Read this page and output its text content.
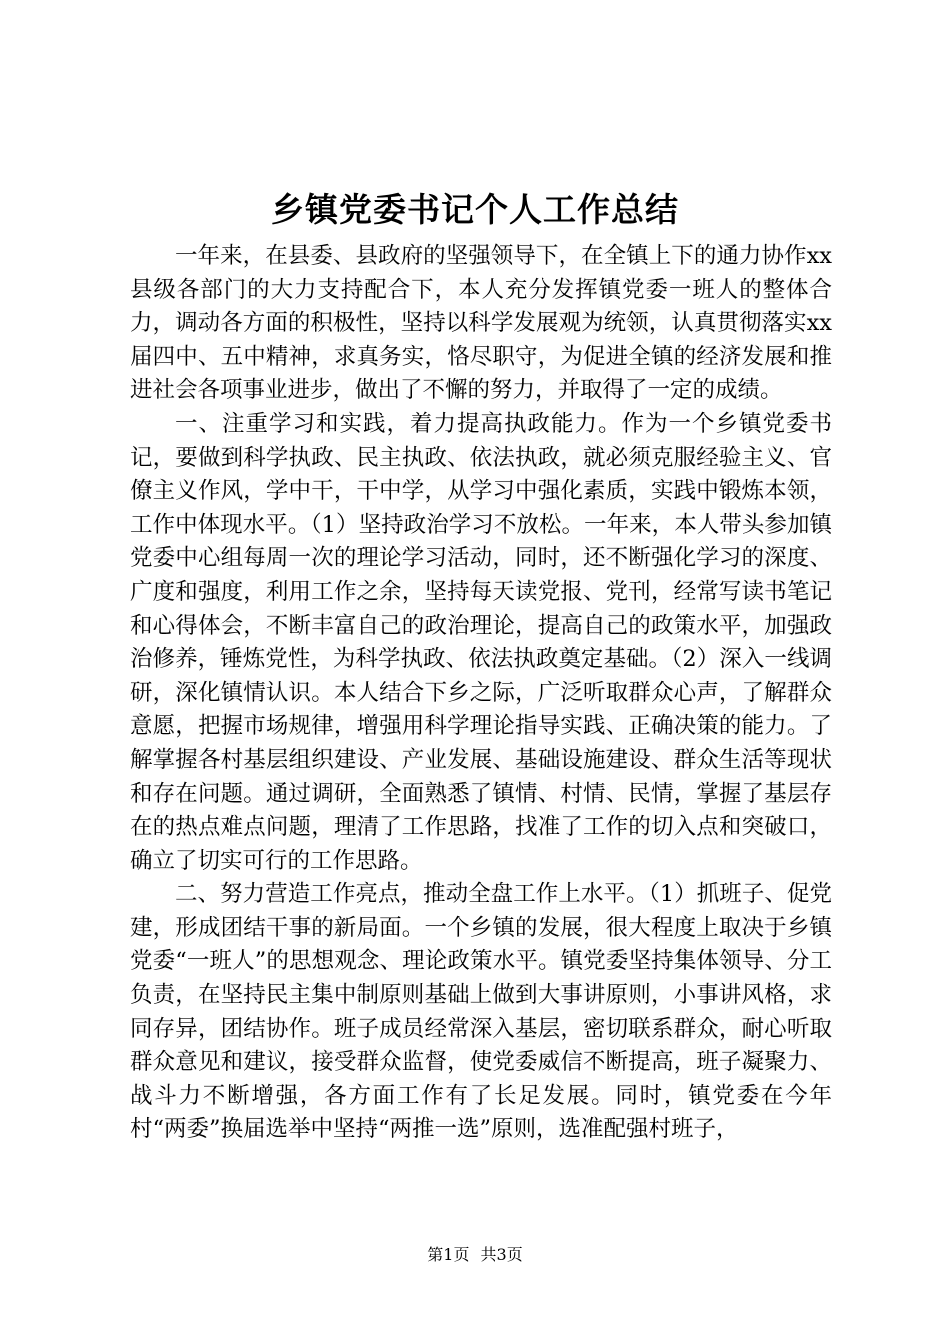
乡镇党委书记个人工作总结

一年来，在县委、县政府的坚强领导下，在全镇上下的通力协作xx县级各部门的大力支持配合下，本人充分发挥镇党委一班人的整体合力，调动各方面的积极性，坚持以科学发展观为统领，认真贯彻落实xx届四中、五中精神，求真务实，恪尽职守，为促进全镇的经济发展和推进社会各项事业进步，做出了不懈的努力，并取得了一定的成绩。

一、注重学习和实践，着力提高执政能力。作为一个乡镇党委书记，要做到科学执政、民主执政、依法执政，就必须克服经验主义、官僚主义作风，学中干，干中学，从学习中强化素质，实践中锻炼本领，工作中体现水平。（1）坚持政治学习不放松。一年来，本人带头参加镇党委中心组每周一次的理论学习活动，同时，还不断强化学习的深度、广度和强度，利用工作之余，坚持每天读党报、党刊，经常写读书笔记和心得体会，不断丰富自己的政治理论，提高自己的政策水平，加强政治修养，锤炼党性，为科学执政、依法执政奠定基础。（2）深入一线调研，深化镇情认识。本人结合下乡之际，广泛听取群众心声，了解群众意愿，把握市场规律，增强用科学理论指导实践、正确决策的能力。了解掌握各村基层组织建设、产业发展、基础设施建设、群众生活等现状和存在问题。通过调研，全面熟悉了镇情、村情、民情，掌握了基层存在的热点难点问题，理清了工作思路，找准了工作的切入点和突破口，确立了切实可行的工作思路。

二、努力营造工作亮点，推动全盘工作上水平。（1）抓班子、促党建，形成团结干事的新局面。一个乡镇的发展，很大程度上取决于乡镇党委“一班人”的思想观念、理论政策水平。镇党委坚持集体领导、分工负责，在坚持民主集中制原则基础上做到大事讲原则，小事讲风格，求同存异，团结协作。班子成员经常深入基层，密切联系群众，耐心听取群众意见和建议，接受群众监督，使党委威信不断提高，班子凝聚力、战斗力不断增强，各方面工作有了长足发展。同时，镇党委在今年村“两委”换届选举中坚持“两推一选”原则，选准配强村班子，

第1页 共3页
